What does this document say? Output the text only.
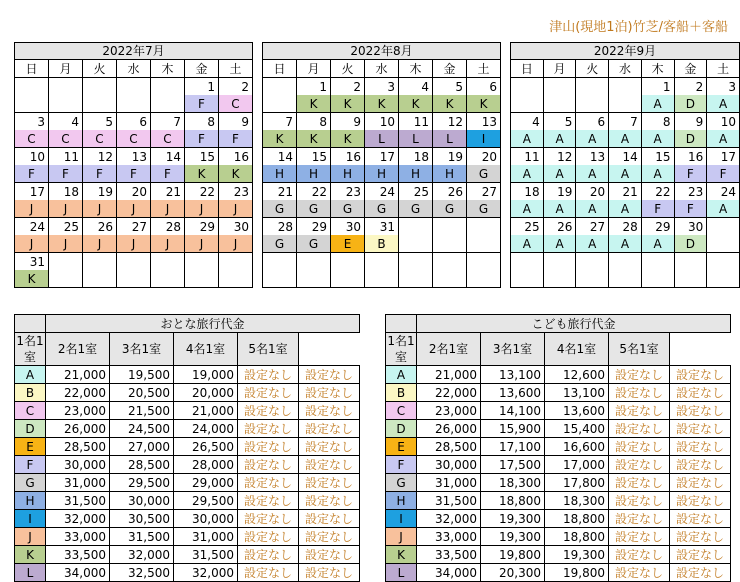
津山(現地1泊)竹芝/客船＋客船
2022年7月						
日	月	火	水	木	金	土
					1	2
					F	C
3	4	5	6	7	8	9
C	C	C	C	C	F	F
10	11	12	13	14	15	16
F	F	F	F	F	K	K
17	18	19	20	21	22	23
J	J	J	J	J	J	J
24	25	26	27	28	29	30
J	J	J	J	J	J	J
31						
K						
2022年8月						
日	月	火	水	木	金	土
	1	2	3	4	5	6
	K	K	K	K	K	K
7	8	9	10	11	12	13
K	K	K	L	L	L	I
14	15	16	17	18	19	20
H	H	H	H	H	H	G
21	22	23	24	25	26	27
G	G	G	G	G	G	G
28	29	30	31			
G	G	E	B			

2022年9月						
日	月	火	水	木	金	土
				1	2	3
				A	D	A
4	5	6	7	8	9	10
A	A	A	A	A	D	A
11	12	13	14	15	16	17
A	A	A	A	A	F	F
18	19	20	21	22	23	24
A	A	A	A	F	F	A
25	26	27	28	29	30	
A	A	A	A	A	D	

	おとな旅行代金				
1名1室	2名1室	3名1室	4名1室	5名1室	
A	21,000	19,500	19,000	設定なし	設定なし
B	22,000	20,500	20,000	設定なし	設定なし
C	23,000	21,500	21,000	設定なし	設定なし
D	26,000	24,500	24,000	設定なし	設定なし
E	28,500	27,000	26,500	設定なし	設定なし
F	30,000	28,500	28,000	設定なし	設定なし
G	31,000	29,500	29,000	設定なし	設定なし
H	31,500	30,000	29,500	設定なし	設定なし
I	32,000	30,500	30,000	設定なし	設定なし
J	33,000	31,500	31,000	設定なし	設定なし
K	33,500	32,000	31,500	設定なし	設定なし
L	34,000	32,500	32,000	設定なし	設定なし
	こども旅行代金				
1名1室	2名1室	3名1室	4名1室	5名1室	
A	21,000	13,100	12,600	設定なし	設定なし
B	22,000	13,600	13,100	設定なし	設定なし
C	23,000	14,100	13,600	設定なし	設定なし
D	26,000	15,900	15,400	設定なし	設定なし
E	28,500	17,100	16,600	設定なし	設定なし
F	30,000	17,500	17,000	設定なし	設定なし
G	31,000	18,300	17,800	設定なし	設定なし
H	31,500	18,800	18,300	設定なし	設定なし
I	32,000	19,300	18,800	設定なし	設定なし
J	33,000	19,300	18,800	設定なし	設定なし
K	33,500	19,800	19,300	設定なし	設定なし
L	34,000	20,300	19,800	設定なし	設定なし
